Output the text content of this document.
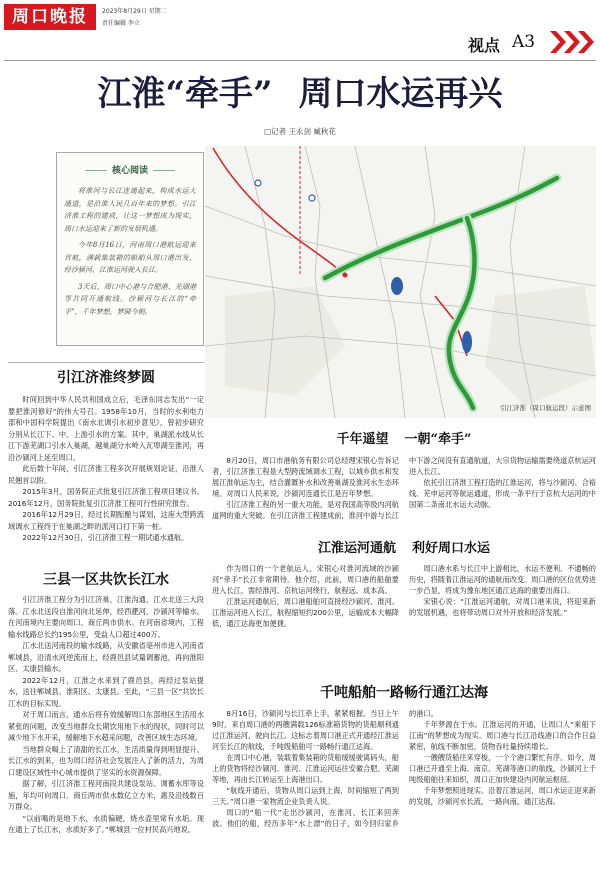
周口晚报	2023年8月29日 星期二
责任编辑 李立
视点 A3
江淮“牵手” 周口水运再兴
□记者 王永剑 臧秋花
核心阅读

将淮河与长江连通起来，构成水运大通道，是沿淮人民几百年来的梦想。引江济淮工程的建成，让这一梦想成为现实，周口水运迎来了新的发展机遇。

今年8月16日，河南周口港航运迎来首航，满载集装箱的船舶从周口港出发，经沙颍河、江淮运河驶入长江。

3天后，周口中心港与合肥港、芜湖港等共同开通航线。沙颍河与长江的“牵手”，千年梦想，梦圆今朝。

引江济淮（周口航运段）示意图
引江济淮终梦圆

时间回到中华人民共和国成立后，毛泽东同志发出“一定要把淮河修好”的伟大号召。1958年10月，当时的水利电力部和中国科学院提出《南水北调引水初步意见》，曾初步研究分别从长江下、中、上游引水的方案。其中，巢湖派水线从长江下游芜湖口引水入巢湖，越巢湖分水岭入瓦埠湖至淮河，再沿沙颍河上延至周口。

此后数十年间，引江济淮工程多次开展规划论证，沿淮人民翘首以盼。

2015年3月，国务院正式批复引江济淮工程项目建议书。2016年12月，国务院批复引江济淮工程可行性研究报告。

2016年12月29日，经过长期酝酿与谋划，这座大型跨流域调水工程终于在巢湖之畔的派河口打下第一桩。

2022年12月30日，引江济淮工程一期试通水通航。

三县一区共饮长江水

引江济淮工程分为引江济巢、江淮沟通、江水北送三大段落。江水北送段自淮河向北延伸，经西淝河、沙颍河等输水，在河南境内主要向周口、商丘两市供水。在河南省境内，工程输水线路总长约195公里，受益人口超过400万。

江水北送河南段的输水线路，从安徽省亳州市进入河南省郸城县，沿清水河逆流而上，经鹿邑县试量调蓄池，再向淮阳区、太康县输水。

2022年12月，江淮之水来到了鹿邑县，再经过泵站提水，送往郸城县、淮阳区、太康县。至此，“三县一区”共饮长江水的目标实现。

对于周口而言，通水后将有效缓解周口东部地区生活用水紧张的问题，改变当地群众长期饮用地下水的现状，同时可以减少地下水开采，缓解地下水超采问题，改善区域生态环境。

当地群众喝上了清甜的长江水，生活质量得到明显提升。长江水的到来，也为周口经济社会发展注入了新的活力，为周口建设区域性中心城市提供了坚实的水资源保障。

据了解，引江济淮工程河南段共建设泵站、调蓄水库等设施，年均可向周口、商丘两市供水数亿立方米，惠及沿线数百万群众。

“以前喝的是地下水，水质偏硬，烧水壶里常有水垢。现在通上了长江水，水质好多了。”郸城县一位村民高兴地说。

千年遥望 一朝“牵手”

8月20日，周口市港航务有限公司总经理宋银心告诉记者，引江济淮工程是大型跨流域调水工程，以城乡供水和发展江淮航运为主，结合灌溉补水和改善巢湖及淮河水生态环境。对周口人民来说，沙颍河连通长江是百年梦想。

引江济淮工程的另一重大功能，是对我国高等级内河航道网的重大突破。在引江济淮工程建成前，淮河中游与长江中下游之间没有直通航道，大宗货物运输需要绕道京杭运河进入长江。

依托引江济淮工程打造的江淮运河，将与沙颍河、合裕线、芜申运河等航运通道，形成一条平行于京杭大运河的中国第二条南北水运大动脉。

江淮运河通航 利好周口水运

作为周口的一个老航运人，宋银心对淮河流域的沙颍河“牵手”长江非常期待。他介绍，此前，周口港的船舶要进入长江，需经淮河、京杭运河绕行，航程远、成本高。

江淮运河通航后，周口港船舶可直接经沙颍河、淮河、江淮运河进入长江，航程缩短约200公里，运输成本大幅降低，通江达海更加便捷。

周口港水系与长江中上游相比，水运不便利、不通畅的历史，将随着江淮运河的通航而改变。周口港的区位优势进一步凸显，将成为豫东地区通江达海的重要出海口。

宋银心说：“江淮运河通航，对周口港来说，将迎来新的发展机遇，也将带动周口对外开放和经济发展。”

千吨船舶一路畅行通江达海

8月16日，沙颍河与长江牵上手，紧紧相握。当日上午9时，来自周口港的两艘满载126标准箱货物的货船顺利通过江淮运河，驶向长江。这标志着周口港正式开通经江淮运河至长江的航线，千吨级船舶可一路畅行通江达海。

在周口中心港，装载着集装箱的货船缓缓驶离码头，船上的货物将经沙颍河、淮河、江淮运河运往安徽合肥、芜湖等地，再由长江转运至上海港出口。

“航线开通后，货物从周口运到上海，时间缩短了两到三天。”周口港一家物流企业负责人说。

周口的“船一代”走出沙颍河，在淮河、长江来回奔波。他们的船，经历多年“水上漂”的日子，如今回归家乡的港口。

千年梦源在于水。江淮运河的开通，让周口人“乘船下江南”的梦想成为现实。周口港与长江沿线港口的合作日益紧密，航线不断加密，货物吞吐量持续增长。

一艘艘货船往来穿梭，一个个港口繁忙有序。如今，周口港已开通至上海、南京、芜湖等港口的航线，沙颍河上千吨级船舶往来如织，周口正加快建设内河航运枢纽。

千年梦想照进现实。沿着江淮运河，周口水运正迎来新的发展，沙颍河水长流，一路向南，通江达海。
